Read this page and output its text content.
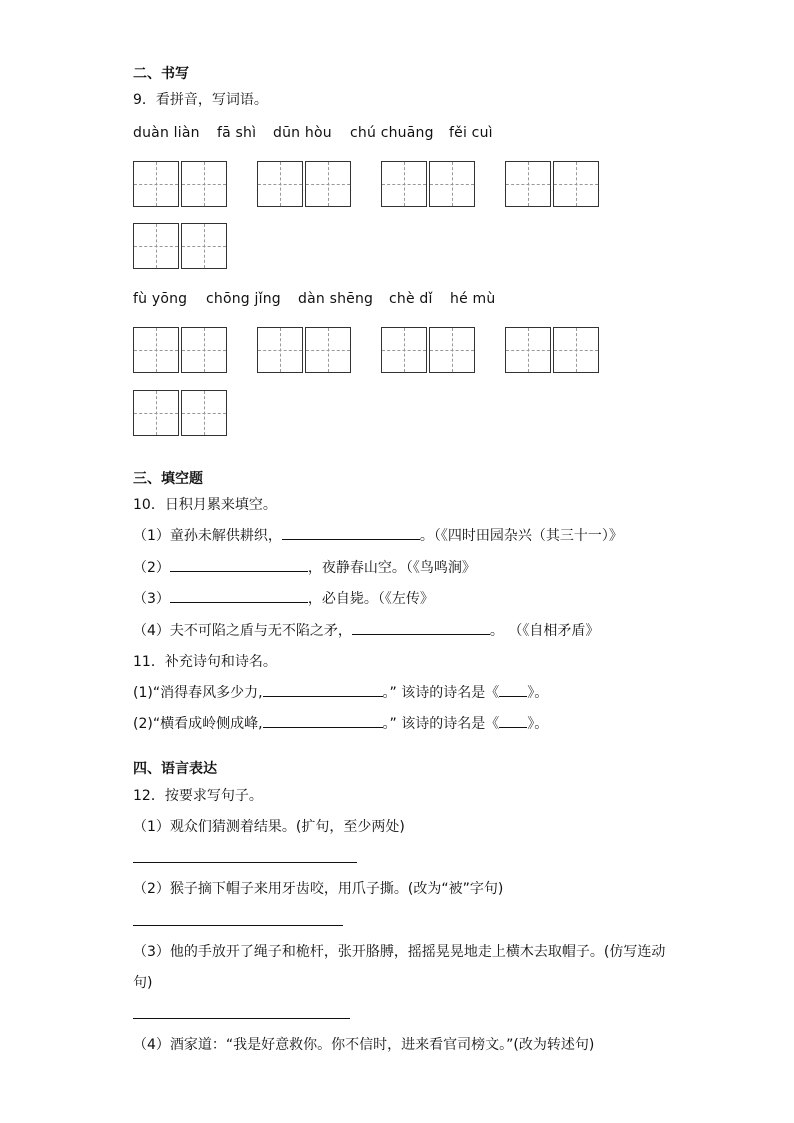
二、书写
9．看拼音，写词语。
duàn liàn fā shì dūn hòu chú chuāng fěi cuì
fù yōng chōng jǐng dàn shēng chè dǐ hé mù
三、填空题
10．日积月累来填空。
（1）童孙未解供耕织，	。（《四时田园杂兴（其三十一）》
（2）	，夜静春山空。（《鸟鸣涧》
（3）	，必自毙。（《左传》
（4）夫不可陷之盾与无不陷之矛，	。 （《自相矛盾》
11．补充诗句和诗名。
(1)“消得春风多少力,	。” 该诗的诗名是《 》。
(2)“横看成岭侧成峰,	。” 该诗的诗名是《 》。
四、语言表达
12．按要求写句子。
（1）观众们猜测着结果。(扩句，至少两处)
（2）猴子摘下帽子来用牙齿咬，用爪子撕。(改为“被”字句)
（3）他的手放开了绳子和桅杆，张开胳膊，摇摇晃晃地走上横木去取帽子。(仿写连动
句)
（4）酒家道：“我是好意救你。你不信时，进来看官司榜文。”(改为转述句)
